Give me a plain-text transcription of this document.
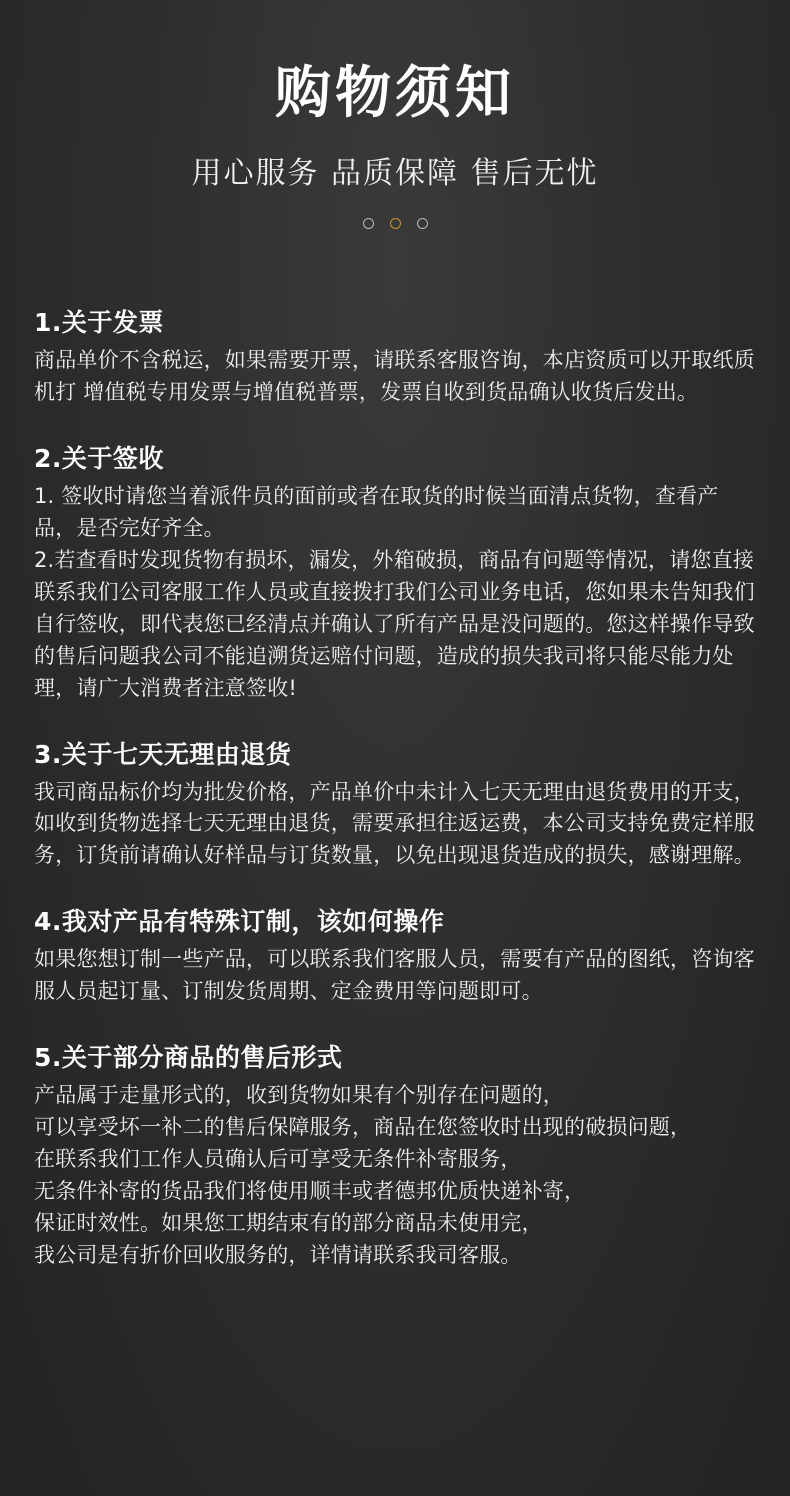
购物须知
用心服务 品质保障 售后无忧
1.关于发票

商品单价不含税运，如果需要开票，请联系客服咨询，本店资质可以开取纸质机打 增值税专用发票与增值税普票，发票自收到货品确认收货后发出。

2.关于签收

1. 签收时请您当着派件员的面前或者在取货的时候当面清点货物，查看产品，是否完好齐全。

2.若查看时发现货物有损坏，漏发，外箱破损，商品有问题等情况，请您直接联系我们公司客服工作人员或直接拨打我们公司业务电话，您如果未告知我们自行签收，即代表您已经清点并确认了所有产品是没问题的。您这样操作导致的售后问题我公司不能追溯货运赔付问题，造成的损失我司将只能尽能力处理，请广大消费者注意签收!

3.关于七天无理由退货

我司商品标价均为批发价格，产品单价中未计入七天无理由退货费用的开支，如收到货物选择七天无理由退货，需要承担往返运费，本公司支持免费定样服务，订货前请确认好样品与订货数量，以免出现退货造成的损失，感谢理解。

4.我对产品有特殊订制，该如何操作

如果您想订制一些产品，可以联系我们客服人员，需要有产品的图纸，咨询客服人员起订量、订制发货周期、定金费用等问题即可。

5.关于部分商品的售后形式

产品属于走量形式的，收到货物如果有个别存在问题的，

可以享受坏一补二的售后保障服务，商品在您签收时出现的破损问题，

在联系我们工作人员确认后可享受无条件补寄服务，

无条件补寄的货品我们将使用顺丰或者德邦优质快递补寄，

保证时效性。如果您工期结束有的部分商品未使用完，

我公司是有折价回收服务的，详情请联系我司客服。
